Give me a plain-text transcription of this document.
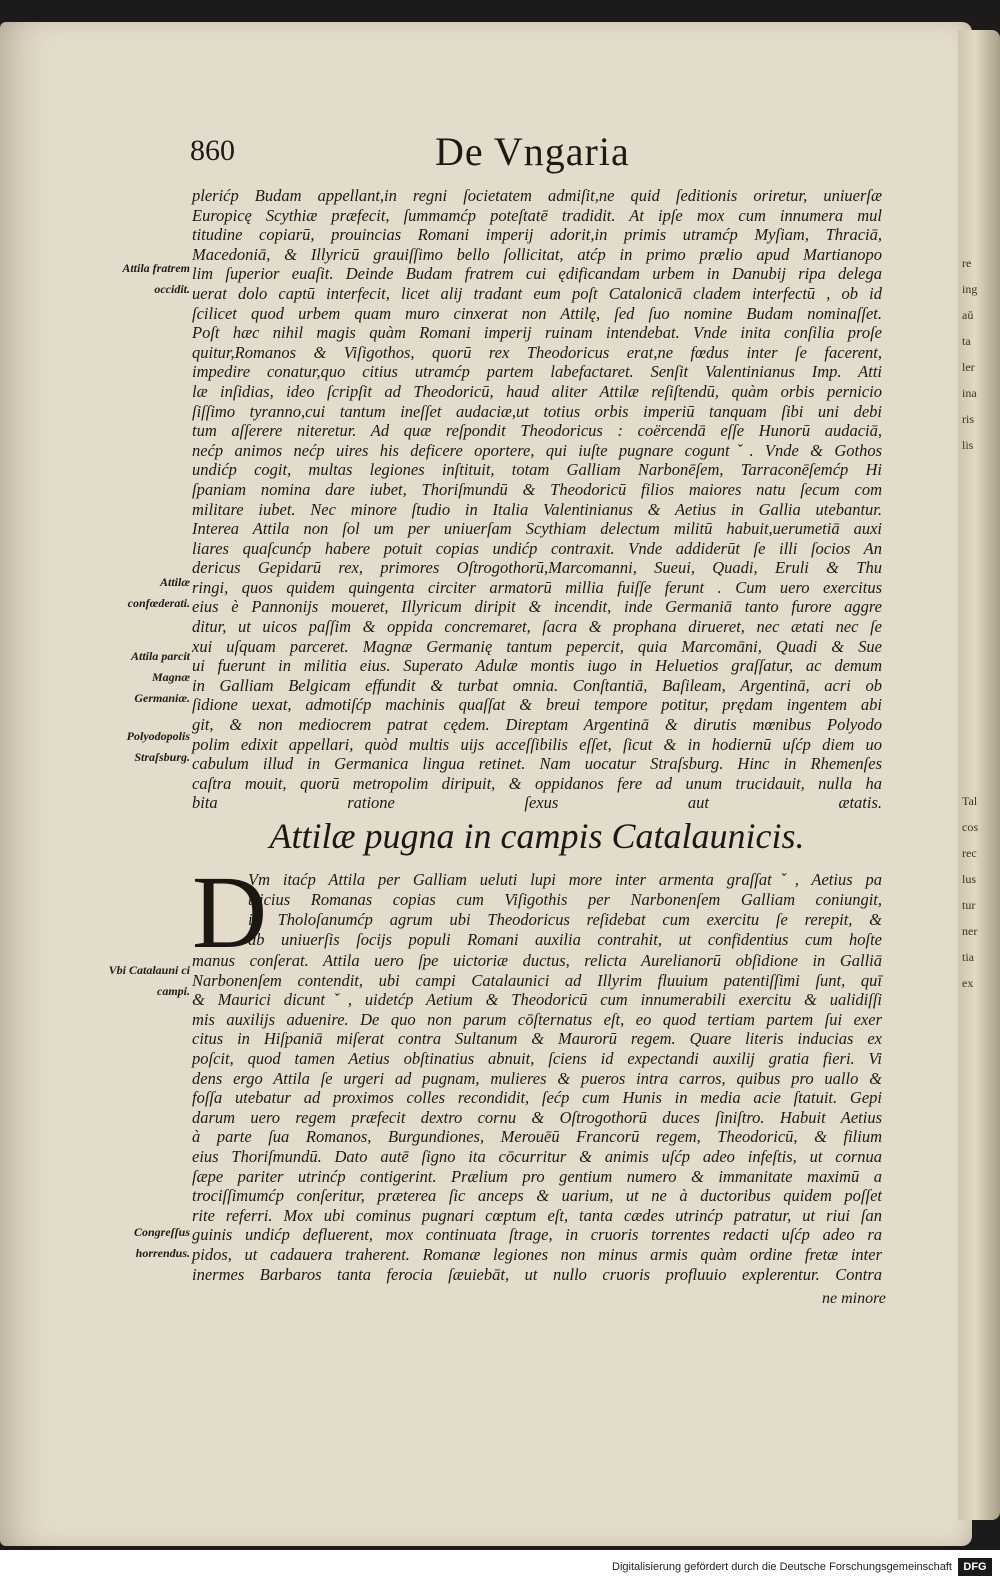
re
ing
aŭ
ta
ler
ina
ris
lis
Tal
cos
rec
lus
tur
ner
tia
ex
860	De Vngaria
plerićp Budam appellant,in regni ſocietatem admiſit,ne quid ſeditionis oriretur, uniuerſæ
Europicę Scythiæ præfecit, ſummamćp poteſtatē tradidit. At ipſe mox cum innumera mul
titudine copiarū, prouincias Romani imperij adorit,in primis utramćp Myſiam, Thraciā,
Macedoniā, & Illyricū grauiſſimo bello ſollicitat, atćp in primo prælio apud Martianopo
lim ſuperior euaſit. Deinde Budam fratrem cui ędificandam urbem in Danubij ripa delega
uerat dolo captū interfecit, licet alij tradant eum poſt Catalonicā cladem interfectū , ob id
ſcilicet quod urbem quam muro cinxerat non Attilę, ſed ſuo nomine Budam nominaſſet.
Poſt hæc nihil magis quàm Romani imperij ruinam intendebat. Vnde inita conſilia proſe
quitur,Romanos & Viſigothos, quorū rex Theodoricus erat,ne fœdus inter ſe facerent,
impedire conatur,quo citius utramćp partem labefactaret. Senſit Valentinianus Imp. Atti
læ inſidias, ideo ſcripſit ad Theodoricū, haud aliter Attilæ reſiſtendū, quàm orbis pernicio
ſiſſimo tyranno,cui tantum ineſſet audaciæ,ut totius orbis imperiū tanquam ſibi uni debi
tum aſſerere niteretur. Ad quæ reſpondit Theodoricus : coërcendā eſſe Hunorū audaciā,
nećp animos nećp uires his deficere oportere, qui iuſte pugnare coguntˇ. Vnde & Gothos
undićp cogit, multas legiones inſtituit, totam Galliam Narbonēſem, Tarraconēſemćp Hi
ſpaniam nomina dare iubet, Thoriſmundū & Theodoricū filios maiores natu ſecum com
militare iubet. Nec minore ſtudio in Italia Valentinianus & Aetius in Gallia utebantur.
Interea Attila non ſol um per uniuerſam Scythiam delectum militū habuit,uerumetiā auxi
liares quaſcunćp habere potuit copias undićp contraxit. Vnde addiderūt ſe illi ſocios An
dericus Gepidarū rex, primores Oſtrogothorū,Marcomanni, Sueui, Quadi, Eruli & Thu
ringi, quos quidem quingenta circiter armatorū millia fuiſſe ferunt . Cum uero exercitus
eius è Pannonijs moueret, Illyricum diripit & incendit, inde Germaniā tanto furore aggre
ditur, ut uicos paſſim & oppida concremaret, ſacra & prophana dirueret, nec ætati nec ſe
xui uſquam parceret. Magnæ Germanię tantum pepercit, quia Marcomāni, Quadi & Sue
ui fuerunt in militia eius. Superato Adulæ montis iugo in Heluetios graſſatur, ac demum
in Galliam Belgicam effundit & turbat omnia. Conſtantiā, Baſileam, Argentinā, acri ob
ſidione uexat, admotiſćp machinis quaſſat & breui tempore potitur, prędam ingentem abi
git, & non mediocrem patrat cędem. Direptam Argentinā & dirutis mœnibus Polyodo
polim edixit appellari, quòd multis uijs acceſſibilis eſſet, ſicut & in hodiernū uſćp diem uo
cabulum illud in Germanica lingua retinet. Nam uocatur Straſsburg. Hinc in Rhemenſes
caſtra mouit, quorū metropolim diripuit, & oppidanos fere ad unum trucidauit, nulla ha
bita ratione ſexus aut ætatis.
Attila fratrem occidit.
Attilæ confœderati.
Attila parcit Magnæ Germaniæ.
Polyodopolis Straſsburg.
Vbi Catalauni ci campi.
Congreſſus horrendus.
Attilæ pugna in campis Catalaunicis.
D
Vm itaćp Attila per Galliam ueluti lupi more inter armenta graſſatˇ, Aetius pa
tricius Romanas copias cum Viſigothis per Narbonenſem Galliam coniungit,
in Tholoſanumćp agrum ubi Theodoricus reſidebat cum exercitu ſe rerepit, &
ab uniuerſis ſocijs populi Romani auxilia contrahit, ut confidentius cum hoſte
manus conſerat. Attila uero ſpe uictoriæ ductus, relicta Aurelianorū obſidione in Galliā
Narbonenſem contendit, ubi campi Catalaunici ad Illyrim fluuium patentiſſimi ſunt, quī
& Maurici dicuntˇ, uidetćp Aetium & Theodoricū cum innumerabili exercitu & ualidiſſi
mis auxilijs aduenire. De quo non parum cōſternatus eſt, eo quod tertiam partem ſui exer
citus in Hiſpaniā miſerat contra Sultanum & Maurorū regem. Quare literis inducias ex
poſcit, quod tamen Aetius obſtinatius abnuit, ſciens id expectandi auxilij gratia fieri. Vi
dens ergo Attila ſe urgeri ad pugnam, mulieres & pueros intra carros, quibus pro uallo &
foſſa utebatur ad proximos colles recondidit, ſećp cum Hunis in media acie ſtatuit. Gepi
darum uero regem præfecit dextro cornu & Oſtrogothorū duces ſiniſtro. Habuit Aetius
à parte ſua Romanos, Burgundiones, Merouēū Francorū regem, Theodoricū, & filium
eius Thoriſmundū. Dato autē ſigno ita cōcurritur & animis uſćp adeo infeſtis, ut cornua
ſæpe pariter utrinćp contigerint. Prælium pro gentium numero & immanitate maximū a
trociſſimumćp conſeritur, præterea ſic anceps & uarium, ut ne à ductoribus quidem poſſet
rite referri. Mox ubi cominus pugnari cœptum eſt, tanta cædes utrinćp patratur, ut riui ſan
guinis undićp defluerent, mox continuata ſtrage, in cruoris torrentes redacti uſćp adeo ra
pidos, ut cadauera traherent. Romanæ legiones non minus armis quàm ordine fretæ inter
inermes Barbaros tanta ferocia ſæuiebāt, ut nullo cruoris profluuio explerentur. Contra
ne minore
Digitalisierung gefördert durch die Deutsche Forschungsgemeinschaft	DFG
